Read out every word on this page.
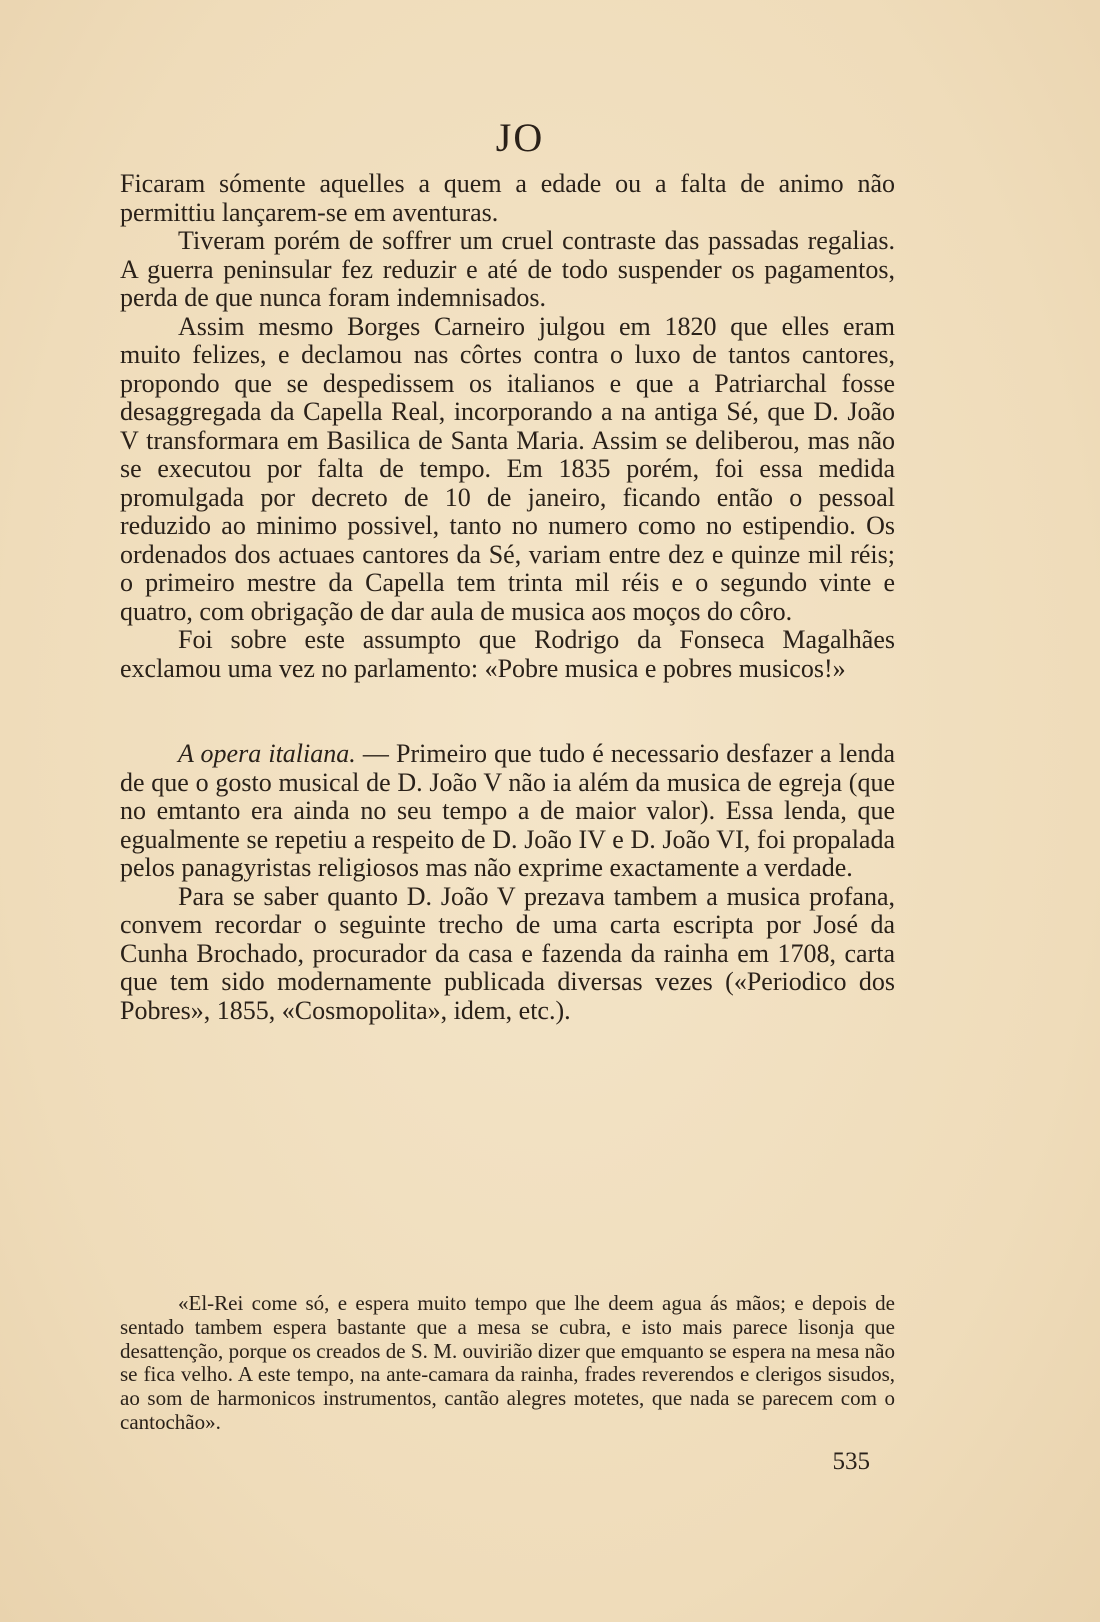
JO

Ficaram sómente aquelles a quem a edade ou a falta de animo não permittiu lançarem-se em aventuras.

Tiveram porém de soffrer um cruel contraste das passadas regalias. A guerra peninsular fez reduzir e até de todo suspender os pagamentos, perda de que nunca foram indemnisados.

Assim mesmo Borges Carneiro julgou em 1820 que elles eram muito felizes, e declamou nas côrtes contra o luxo de tantos cantores, propondo que se despedissem os italianos e que a Patriarchal fosse desaggregada da Capella Real, incorporando a na antiga Sé, que D. João V transformara em Basilica de Santa Maria. Assim se deliberou, mas não se executou por falta de tempo. Em 1835 porém, foi essa medida promulgada por decreto de 10 de janeiro, ficando então o pessoal reduzido ao minimo possivel, tanto no numero como no estipendio. Os ordenados dos actuaes cantores da Sé, variam entre dez e quinze mil réis; o primeiro mestre da Capella tem trinta mil réis e o segundo vinte e quatro, com obrigação de dar aula de musica aos moços do côro.

Foi sobre este assumpto que Rodrigo da Fonseca Magalhães exclamou uma vez no parlamento: «Pobre musica e pobres musicos!»

A opera italiana. — Primeiro que tudo é necessario desfazer a lenda de que o gosto musical de D. João V não ia além da musica de egreja (que no emtanto era ainda no seu tempo a de maior valor). Essa lenda, que egualmente se repetiu a respeito de D. João IV e D. João VI, foi propalada pelos panagyristas religiosos mas não exprime exactamente a verdade.

Para se saber quanto D. João V prezava tambem a musica profana, convem recordar o seguinte trecho de uma carta escripta por José da Cunha Brochado, procurador da casa e fazenda da rainha em 1708, carta que tem sido modernamente publicada diversas vezes («Periodico dos Pobres», 1855, «Cosmopolita», idem, etc.).

«El-Rei come só, e espera muito tempo que lhe deem agua ás mãos; e depois de sentado tambem espera bastante que a mesa se cubra, e isto mais parece lisonja que desattenção, porque os creados de S. M. ouvirião dizer que emquanto se espera na mesa não se fica velho. A este tempo, na ante-camara da rainha, frades reverendos e clerigos sisudos, ao som de harmonicos instrumentos, cantão alegres motetes, que nada se parecem com o cantochão».

535
